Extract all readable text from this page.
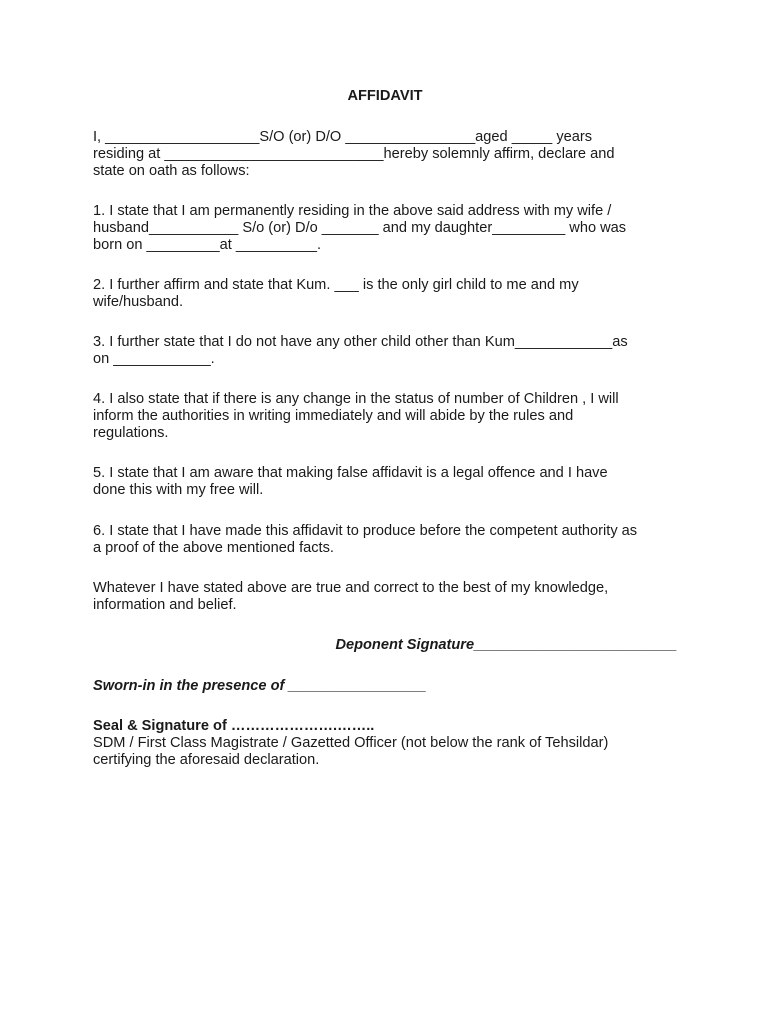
AFFIDAVIT

I, ___________________S/O (or) D/O ________________aged _____ years
residing at ___________________________hereby solemnly affirm, declare and
state on oath as follows:

1. I state that I am permanently residing in the above said address with my wife /
husband___________ S/o (or) D/o _______ and my daughter_________ who was
born on _________at __________.

2. I further affirm and state that Kum. ___ is the only girl child to me and my
wife/husband.

3. I further state that I do not have any other child other than Kum____________as
on ____________.

4. I also state that if there is any change in the status of number of Children , I will
inform the authorities in writing immediately and will abide by the rules and
regulations.

5. I state that I am aware that making false affidavit is a legal offence and I have
done this with my free will.

6. I state that I have made this affidavit to produce before the competent authority as
a proof of the above mentioned facts.

Whatever I have stated above are true and correct to the best of my knowledge,
information and belief.

Deponent Signature_________________________
Sworn-in in the presence of _________________

Seal & Signature of ………………….……..
SDM / First Class Magistrate / Gazetted Officer (not below the rank of Tehsildar)
certifying the aforesaid declaration.
